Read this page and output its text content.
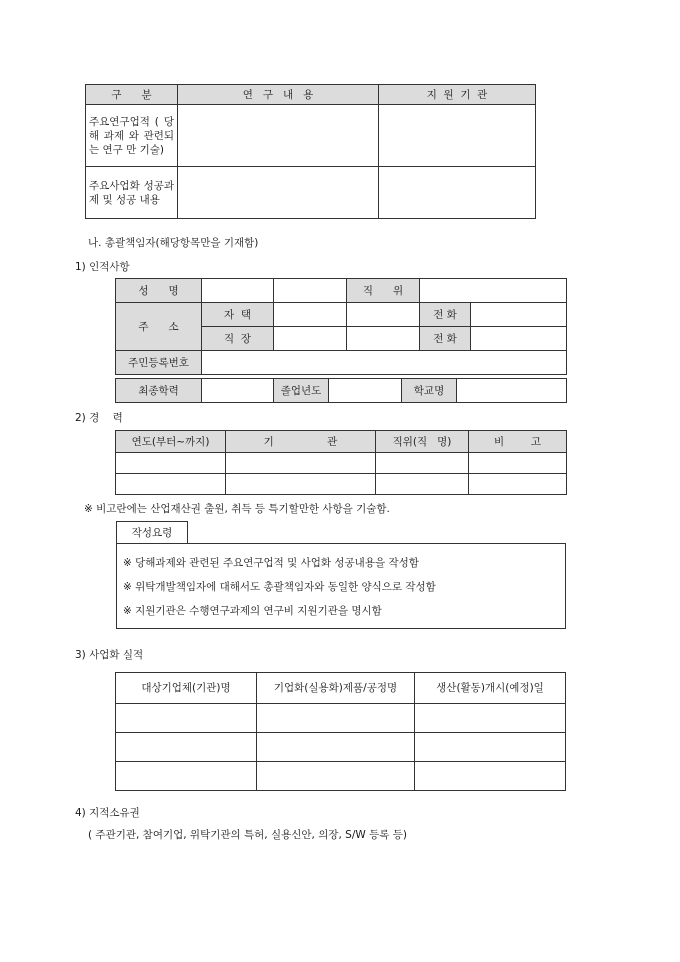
구      분	연   구   내   용	지  원  기  관
주요연구업적 ( 당해 과제 와 관련되는 연구 만 기술)		
주요사업화 성공과제 및 성공 내용		
나. 총괄책임자(해당항목만을 기재함)
1) 인적사항
성      명			직      위		
주      소	자  택			전 화	
	직  장			전 화	
주민등록번호					
최종학력		졸업년도		학교명	
2) 경    력
연도(부터~까지)	기                관	직위(직   명)	비        고

※ 비고란에는 산업재산권 출원, 취득 등 특기할만한 사항을 기술함.
작성요령
※ 당해과제와 관련된 주요연구업적 및 사업화 성공내용을 작성함
※ 위탁개발책임자에 대해서도 총괄책임자와 동일한 양식으로 작성함
※ 지원기관은 수행연구과제의 연구비 지원기관을 명시함
3) 사업화 실적
대상기업체(기관)명	기업화(실용화)제품/공정명	생산(활동)개시(예정)일

4) 지적소유권
( 주관기관, 참여기업, 위탁기관의 특허, 실용신안, 의장, S/W 등록 등)
